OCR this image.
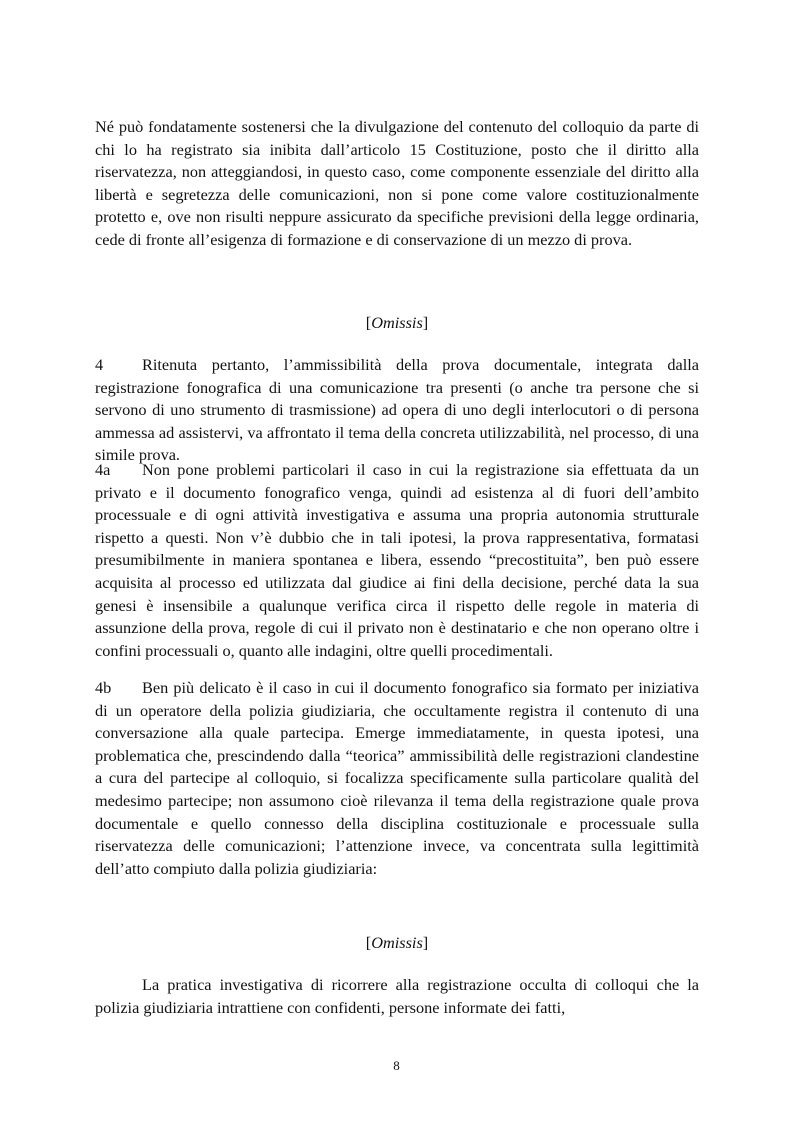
Né può fondatamente sostenersi che la divulgazione del contenuto del colloquio da parte di chi lo ha registrato sia inibita dall’articolo 15 Costituzione, posto che il diritto alla riservatezza, non atteggiandosi, in questo caso, come componente essenziale del diritto alla libertà e segretezza delle comunicazioni, non si pone come valore costituzionalmente protetto e, ove non risulti neppure assicurato da specifiche previsioni della legge ordinaria, cede di fronte all’esigenza di formazione e di conservazione di un mezzo di prova.

[Omissis]

4 Ritenuta pertanto, l’ammissibilità della prova documentale, integrata dalla registrazione fonografica di una comunicazione tra presenti (o anche tra persone che si servono di uno strumento di trasmissione) ad opera di uno degli interlocutori o di persona ammessa ad assistervi, va affrontato il tema della concreta utilizzabilità, nel processo, di una simile prova.

4a Non pone problemi particolari il caso in cui la registrazione sia effettuata da un privato e il documento fonografico venga, quindi ad esistenza al di fuori dell’ambito processuale e di ogni attività investigativa e assuma una propria autonomia strutturale rispetto a questi. Non v’è dubbio che in tali ipotesi, la prova rappresentativa, formatasi presumibilmente in maniera spontanea e libera, essendo “precostituita”, ben può essere acquisita al processo ed utilizzata dal giudice ai fini della decisione, perché data la sua genesi è insensibile a qualunque verifica circa il rispetto delle regole in materia di assunzione della prova, regole di cui il privato non è destinatario e che non operano oltre i confini processuali o, quanto alle indagini, oltre quelli procedimentali.

4b Ben più delicato è il caso in cui il documento fonografico sia formato per iniziativa di un operatore della polizia giudiziaria, che occultamente registra il contenuto di una conversazione alla quale partecipa. Emerge immediatamente, in questa ipotesi, una problematica che, prescindendo dalla “teorica” ammissibilità delle registrazioni clandestine a cura del partecipe al colloquio, si focalizza specificamente sulla particolare qualità del medesimo partecipe; non assumono cioè rilevanza il tema della registrazione quale prova documentale e quello connesso della disciplina costituzionale e processuale sulla riservatezza delle comunicazioni; l’attenzione invece, va concentrata sulla legittimità dell’atto compiuto dalla polizia giudiziaria:

[Omissis]

La pratica investigativa di ricorrere alla registrazione occulta di colloqui che la polizia giudiziaria intrattiene con confidenti, persone informate dei fatti,

8
